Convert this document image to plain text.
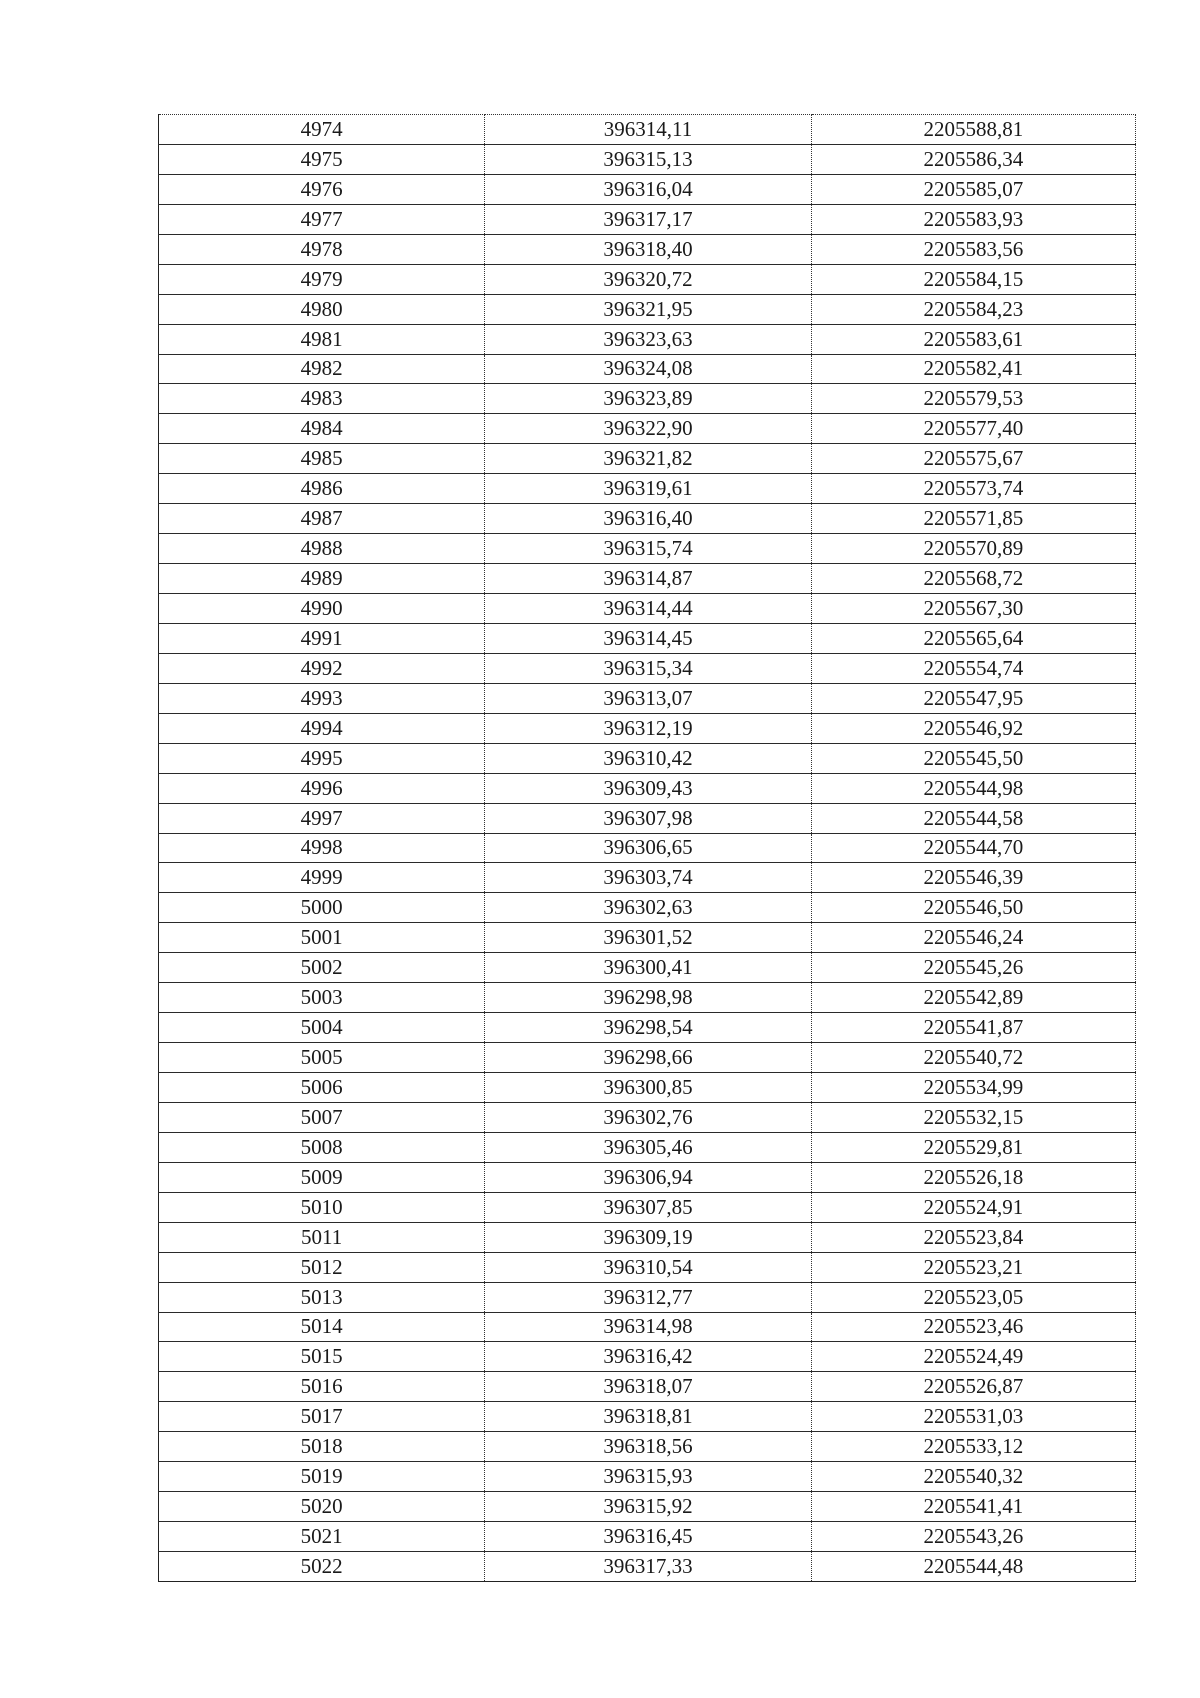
4974	396314,11	2205588,81
4975	396315,13	2205586,34
4976	396316,04	2205585,07
4977	396317,17	2205583,93
4978	396318,40	2205583,56
4979	396320,72	2205584,15
4980	396321,95	2205584,23
4981	396323,63	2205583,61
4982	396324,08	2205582,41
4983	396323,89	2205579,53
4984	396322,90	2205577,40
4985	396321,82	2205575,67
4986	396319,61	2205573,74
4987	396316,40	2205571,85
4988	396315,74	2205570,89
4989	396314,87	2205568,72
4990	396314,44	2205567,30
4991	396314,45	2205565,64
4992	396315,34	2205554,74
4993	396313,07	2205547,95
4994	396312,19	2205546,92
4995	396310,42	2205545,50
4996	396309,43	2205544,98
4997	396307,98	2205544,58
4998	396306,65	2205544,70
4999	396303,74	2205546,39
5000	396302,63	2205546,50
5001	396301,52	2205546,24
5002	396300,41	2205545,26
5003	396298,98	2205542,89
5004	396298,54	2205541,87
5005	396298,66	2205540,72
5006	396300,85	2205534,99
5007	396302,76	2205532,15
5008	396305,46	2205529,81
5009	396306,94	2205526,18
5010	396307,85	2205524,91
5011	396309,19	2205523,84
5012	396310,54	2205523,21
5013	396312,77	2205523,05
5014	396314,98	2205523,46
5015	396316,42	2205524,49
5016	396318,07	2205526,87
5017	396318,81	2205531,03
5018	396318,56	2205533,12
5019	396315,93	2205540,32
5020	396315,92	2205541,41
5021	396316,45	2205543,26
5022	396317,33	2205544,48
